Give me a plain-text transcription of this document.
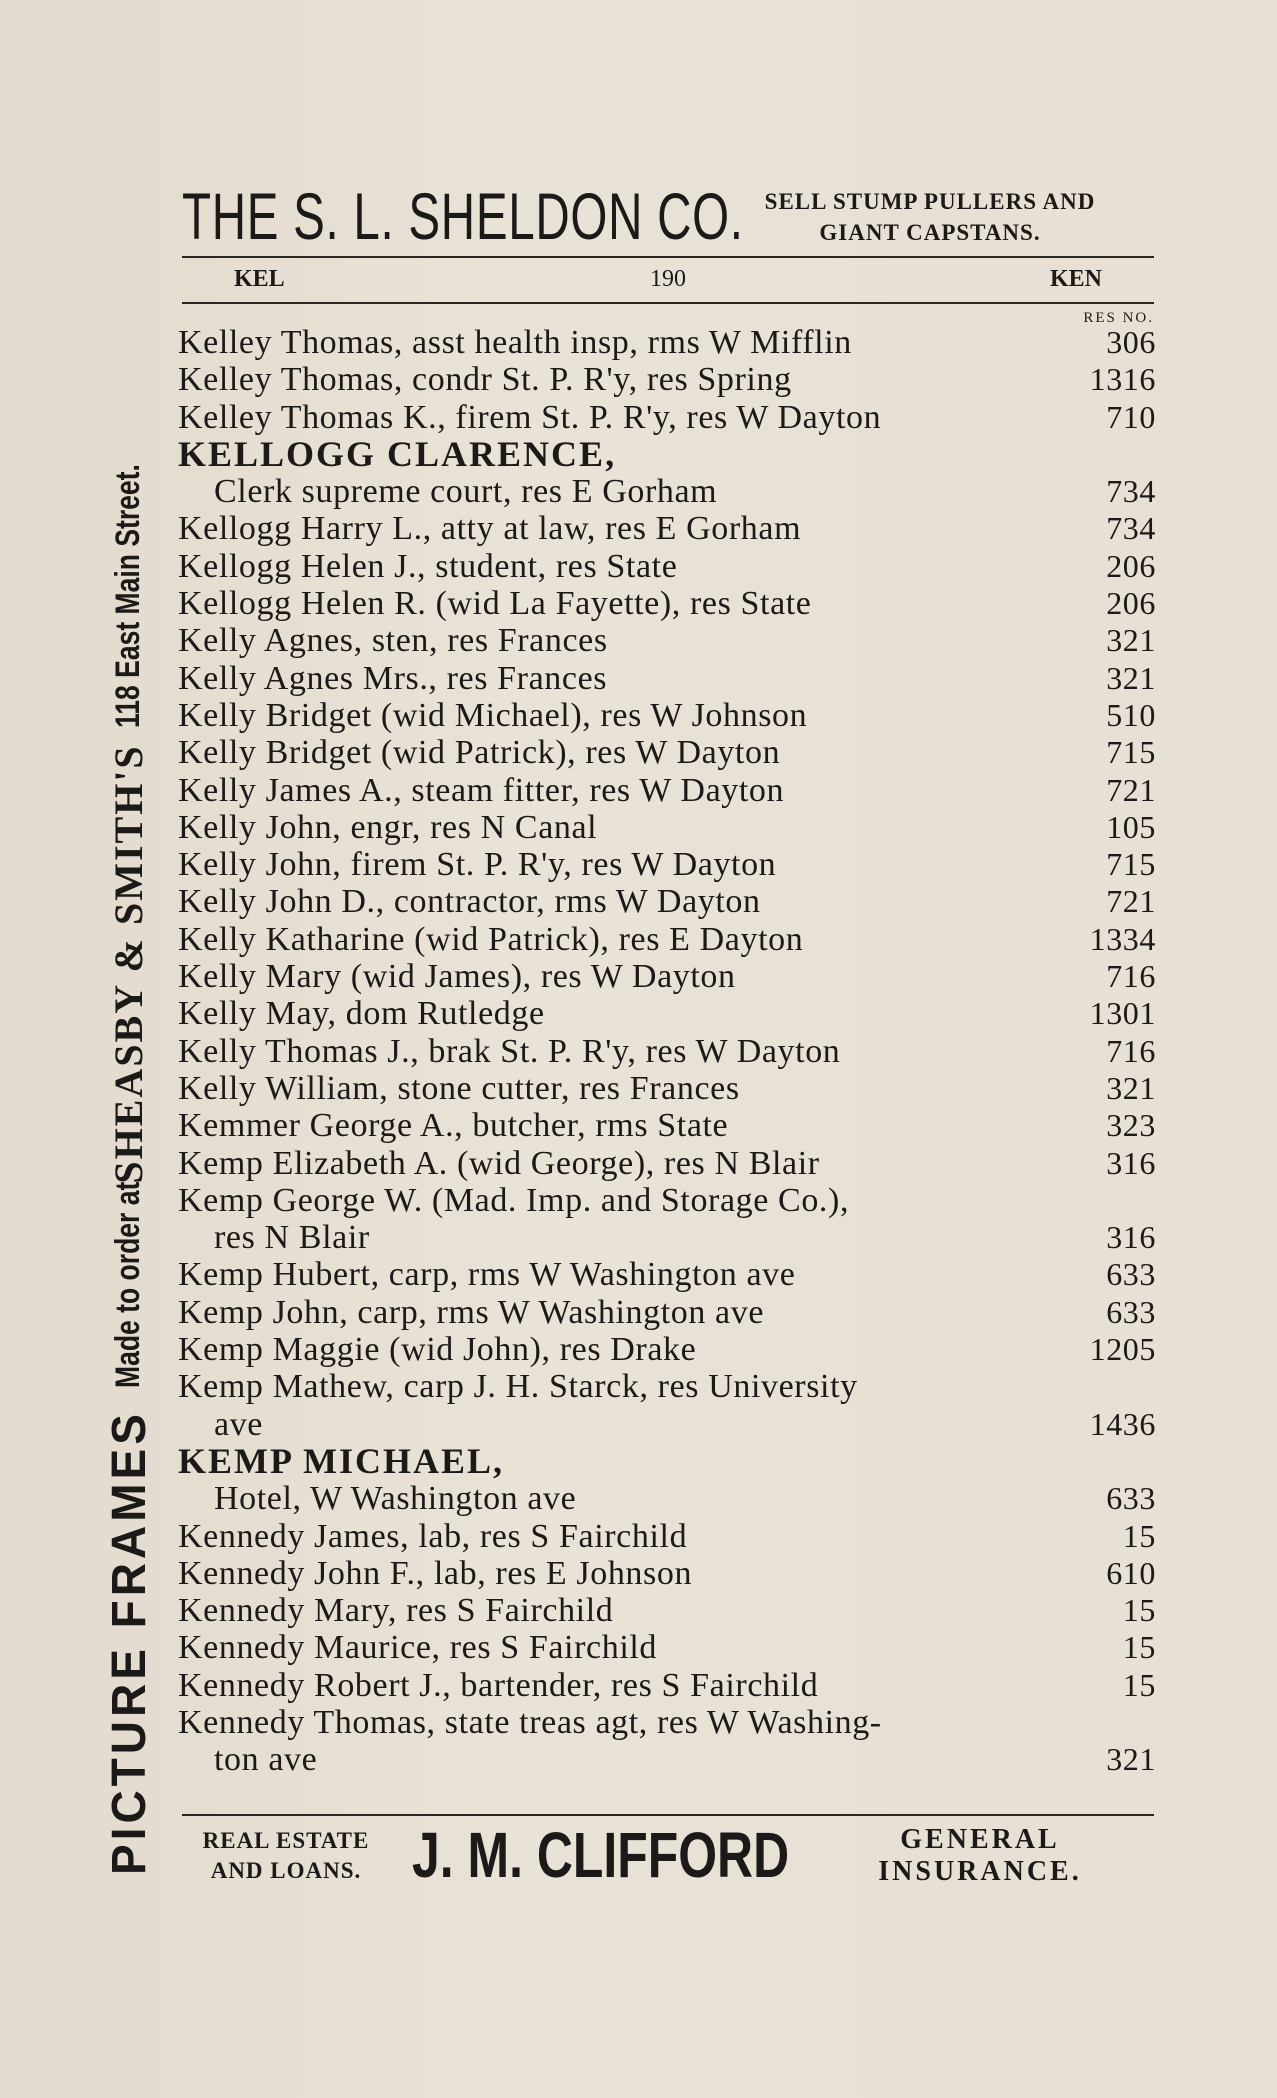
PICTURE FRAMES
Made to order at
SHEASBY & SMITH'S
118 East Main Street.
THE S. L. SHELDON CO. SELL STUMP PULLERS AND
GIANT CAPSTANS.
190
KEL	KEN
RES NO.
Kelley Thomas, asst health insp, rms W Mifflin	306
Kelley Thomas, condr St. P. R'y, res Spring	1316
Kelley Thomas K., firem St. P. R'y, res W Dayton	710
KELLOGG CLARENCE,
Clerk supreme court, res E Gorham	734
Kellogg Harry L., atty at law, res E Gorham	734
Kellogg Helen J., student, res State	206
Kellogg Helen R. (wid La Fayette), res State	206
Kelly Agnes, sten, res Frances	321
Kelly Agnes Mrs., res Frances	321
Kelly Bridget (wid Michael), res W Johnson	510
Kelly Bridget (wid Patrick), res W Dayton	715
Kelly James A., steam fitter, res W Dayton	721
Kelly John, engr, res N Canal	105
Kelly John, firem St. P. R'y, res W Dayton	715
Kelly John D., contractor, rms W Dayton	721
Kelly Katharine (wid Patrick), res E Dayton	1334
Kelly Mary (wid James), res W Dayton	716
Kelly May, dom Rutledge	1301
Kelly Thomas J., brak St. P. R'y, res W Dayton	716
Kelly William, stone cutter, res Frances	321
Kemmer George A., butcher, rms State	323
Kemp Elizabeth A. (wid George), res N Blair	316
Kemp George W. (Mad. Imp. and Storage Co.),
res N Blair	316
Kemp Hubert, carp, rms W Washington ave	633
Kemp John, carp, rms W Washington ave	633
Kemp Maggie (wid John), res Drake	1205
Kemp Mathew, carp J. H. Starck, res University
ave	1436
KEMP MICHAEL,
Hotel, W Washington ave	633
Kennedy James, lab, res S Fairchild	15
Kennedy John F., lab, res E Johnson	610
Kennedy Mary, res S Fairchild	15
Kennedy Maurice, res S Fairchild	15
Kennedy Robert J., bartender, res S Fairchild	15
Kennedy Thomas, state treas agt, res W Washing-
ton ave	321
REAL ESTATE
AND LOANS. J. M. CLIFFORD	GENERAL
INSURANCE.
